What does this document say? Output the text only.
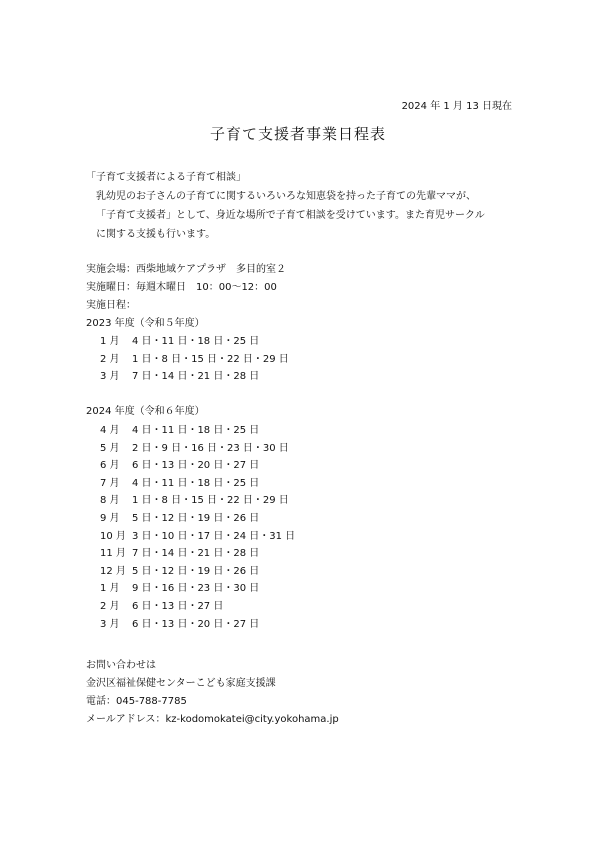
2024 年 1 月 13 日現在
子育て支援者事業日程表
「子育て支援者による子育て相談」
乳幼児のお子さんの子育てに関するいろいろな知恵袋を持った子育ての先輩ママが、
「子育て支援者」として、身近な場所で子育て相談を受けています。また育児サークル
に関する支援も行います。
実施会場：西柴地域ケアプラザ　多目的室２
実施曜日：毎週木曜日　10：00～12：00
実施日程：
2023 年度（令和５年度）
1 月 4 日・11 日・18 日・25 日
2 月 1 日・8 日・15 日・22 日・29 日
3 月 7 日・14 日・21 日・28 日
2024 年度（令和６年度）
4 月 4 日・11 日・18 日・25 日
5 月 2 日・9 日・16 日・23 日・30 日
6 月 6 日・13 日・20 日・27 日
7 月 4 日・11 日・18 日・25 日
8 月 1 日・8 日・15 日・22 日・29 日
9 月 5 日・12 日・19 日・26 日
10 月 3 日・10 日・17 日・24 日・31 日
11 月 7 日・14 日・21 日・28 日
12 月 5 日・12 日・19 日・26 日
1 月 9 日・16 日・23 日・30 日
2 月 6 日・13 日・27 日
3 月 6 日・13 日・20 日・27 日
お問い合わせは
金沢区福祉保健センターこども家庭支援課
電話：045-788-7785
メールアドレス：kz-kodomokatei@city.yokohama.jp
